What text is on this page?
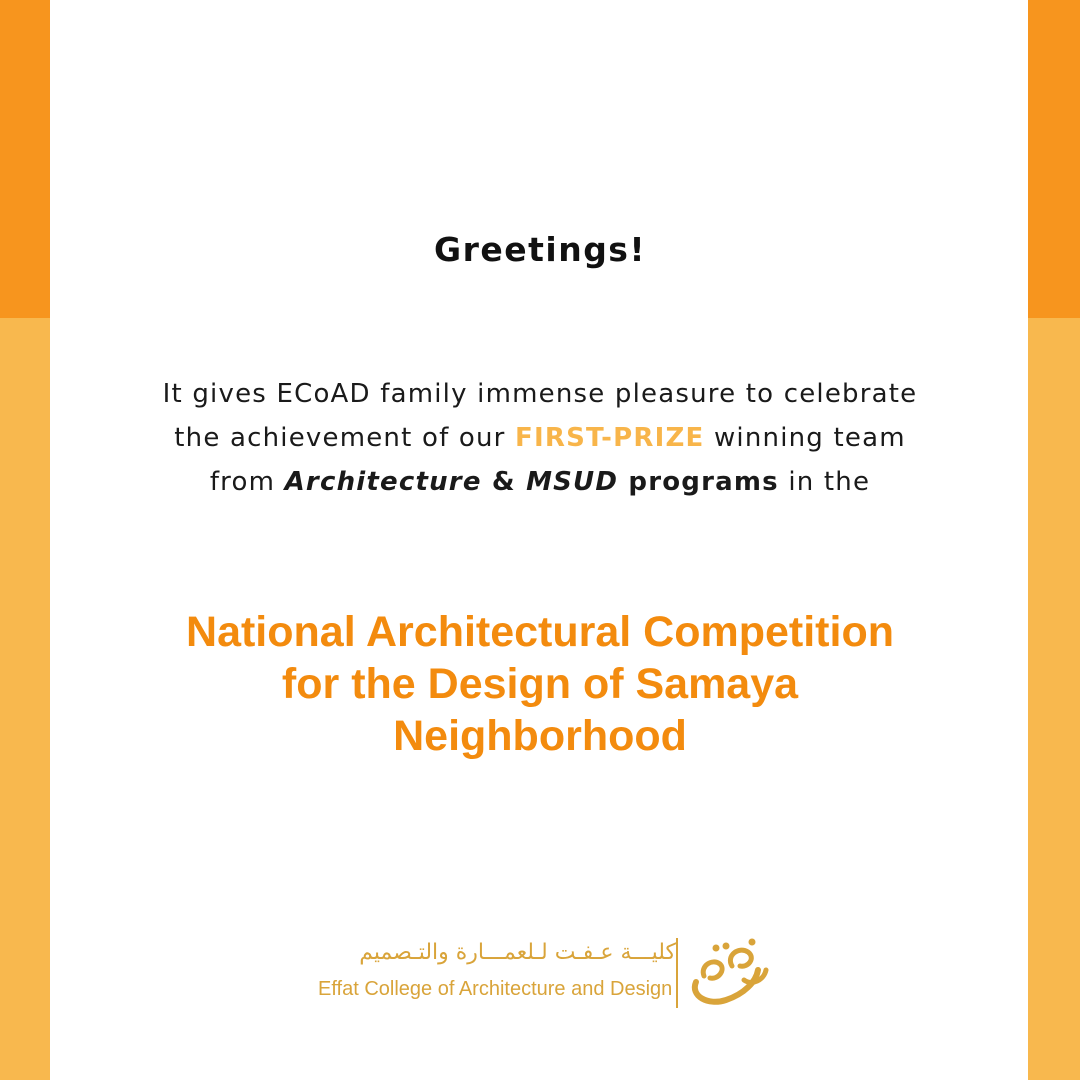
Greetings!
It gives ECoAD family immense pleasure to celebrate
the achievement of our FIRST-PRIZE winning team
from Architecture & MSUD programs in the
National Architectural Competition
for the Design of Samaya
Neighborhood
كليـــة عـفـت لـلعمـــارة والتـصميم
Effat College of Architecture and Design
